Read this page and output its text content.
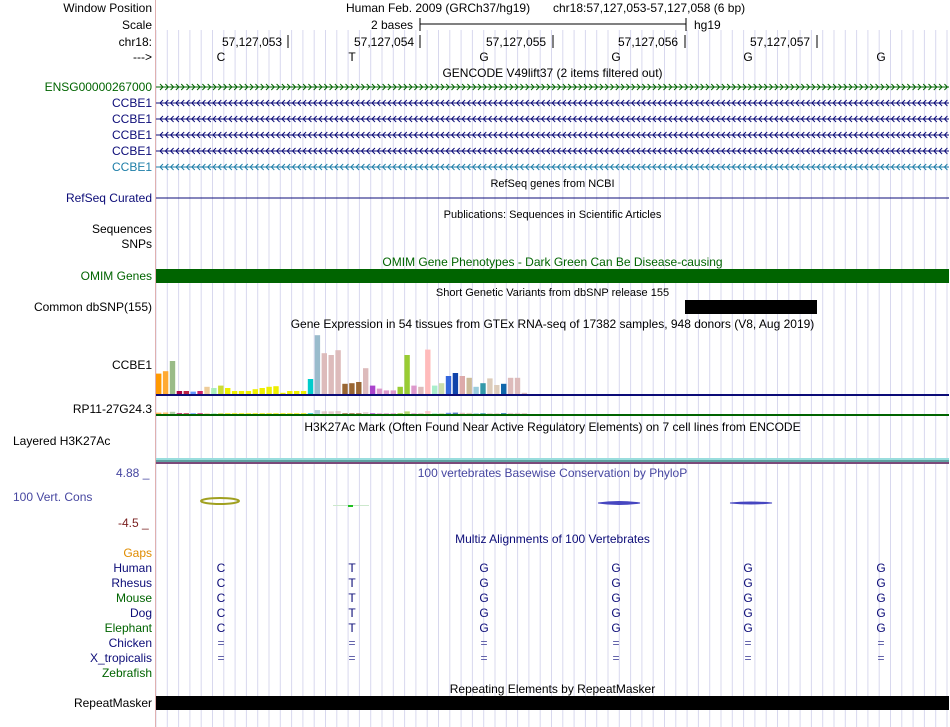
Window Position	Human Feb. 2009 (GRCh37/hg19) chr18:57,127,053-57,127,058 (6 bp)
Scale	2 bases	hg19
chr18:	57,127,053	57,127,054	57,127,055	57,127,056	57,127,057
--->	C	T	G	G	G	G
GENCODE V49lift37 (2 items filtered out)
ENSG00000267000
CCBE1
CCBE1
CCBE1
CCBE1
CCBE1
RefSeq genes from NCBI
RefSeq Curated
Publications: Sequences in Scientific Articles
Sequences
SNPs
OMIM Gene Phenotypes - Dark Green Can Be Disease-causing
OMIM Genes
Short Genetic Variants from dbSNP release 155
Common dbSNP(155)
Gene Expression in 54 tissues from GTEx RNA-seq of 17382 samples, 948 donors (V8, Aug 2019)
CCBE1
RP11-27G24.3
H3K27Ac Mark (Often Found Near Active Regulatory Elements) on 7 cell lines from ENCODE
Layered H3K27Ac
100 vertebrates Basewise Conservation by PhyloP
4.88 _
100 Vert. Cons
-4.5 _
Multiz Alignments of 100 Vertebrates
Gaps
Human	C	T	G	G	G	G
Rhesus	C	T	G	G	G	G
Mouse	C	T	G	G	G	G
Dog	C	T	G	G	G	G
Elephant	C	T	G	G	G	G
Chicken	=	=	=	=	=	=
X_tropicalis	=	=	=	=	=	=
Zebrafish
Repeating Elements by RepeatMasker
RepeatMasker
